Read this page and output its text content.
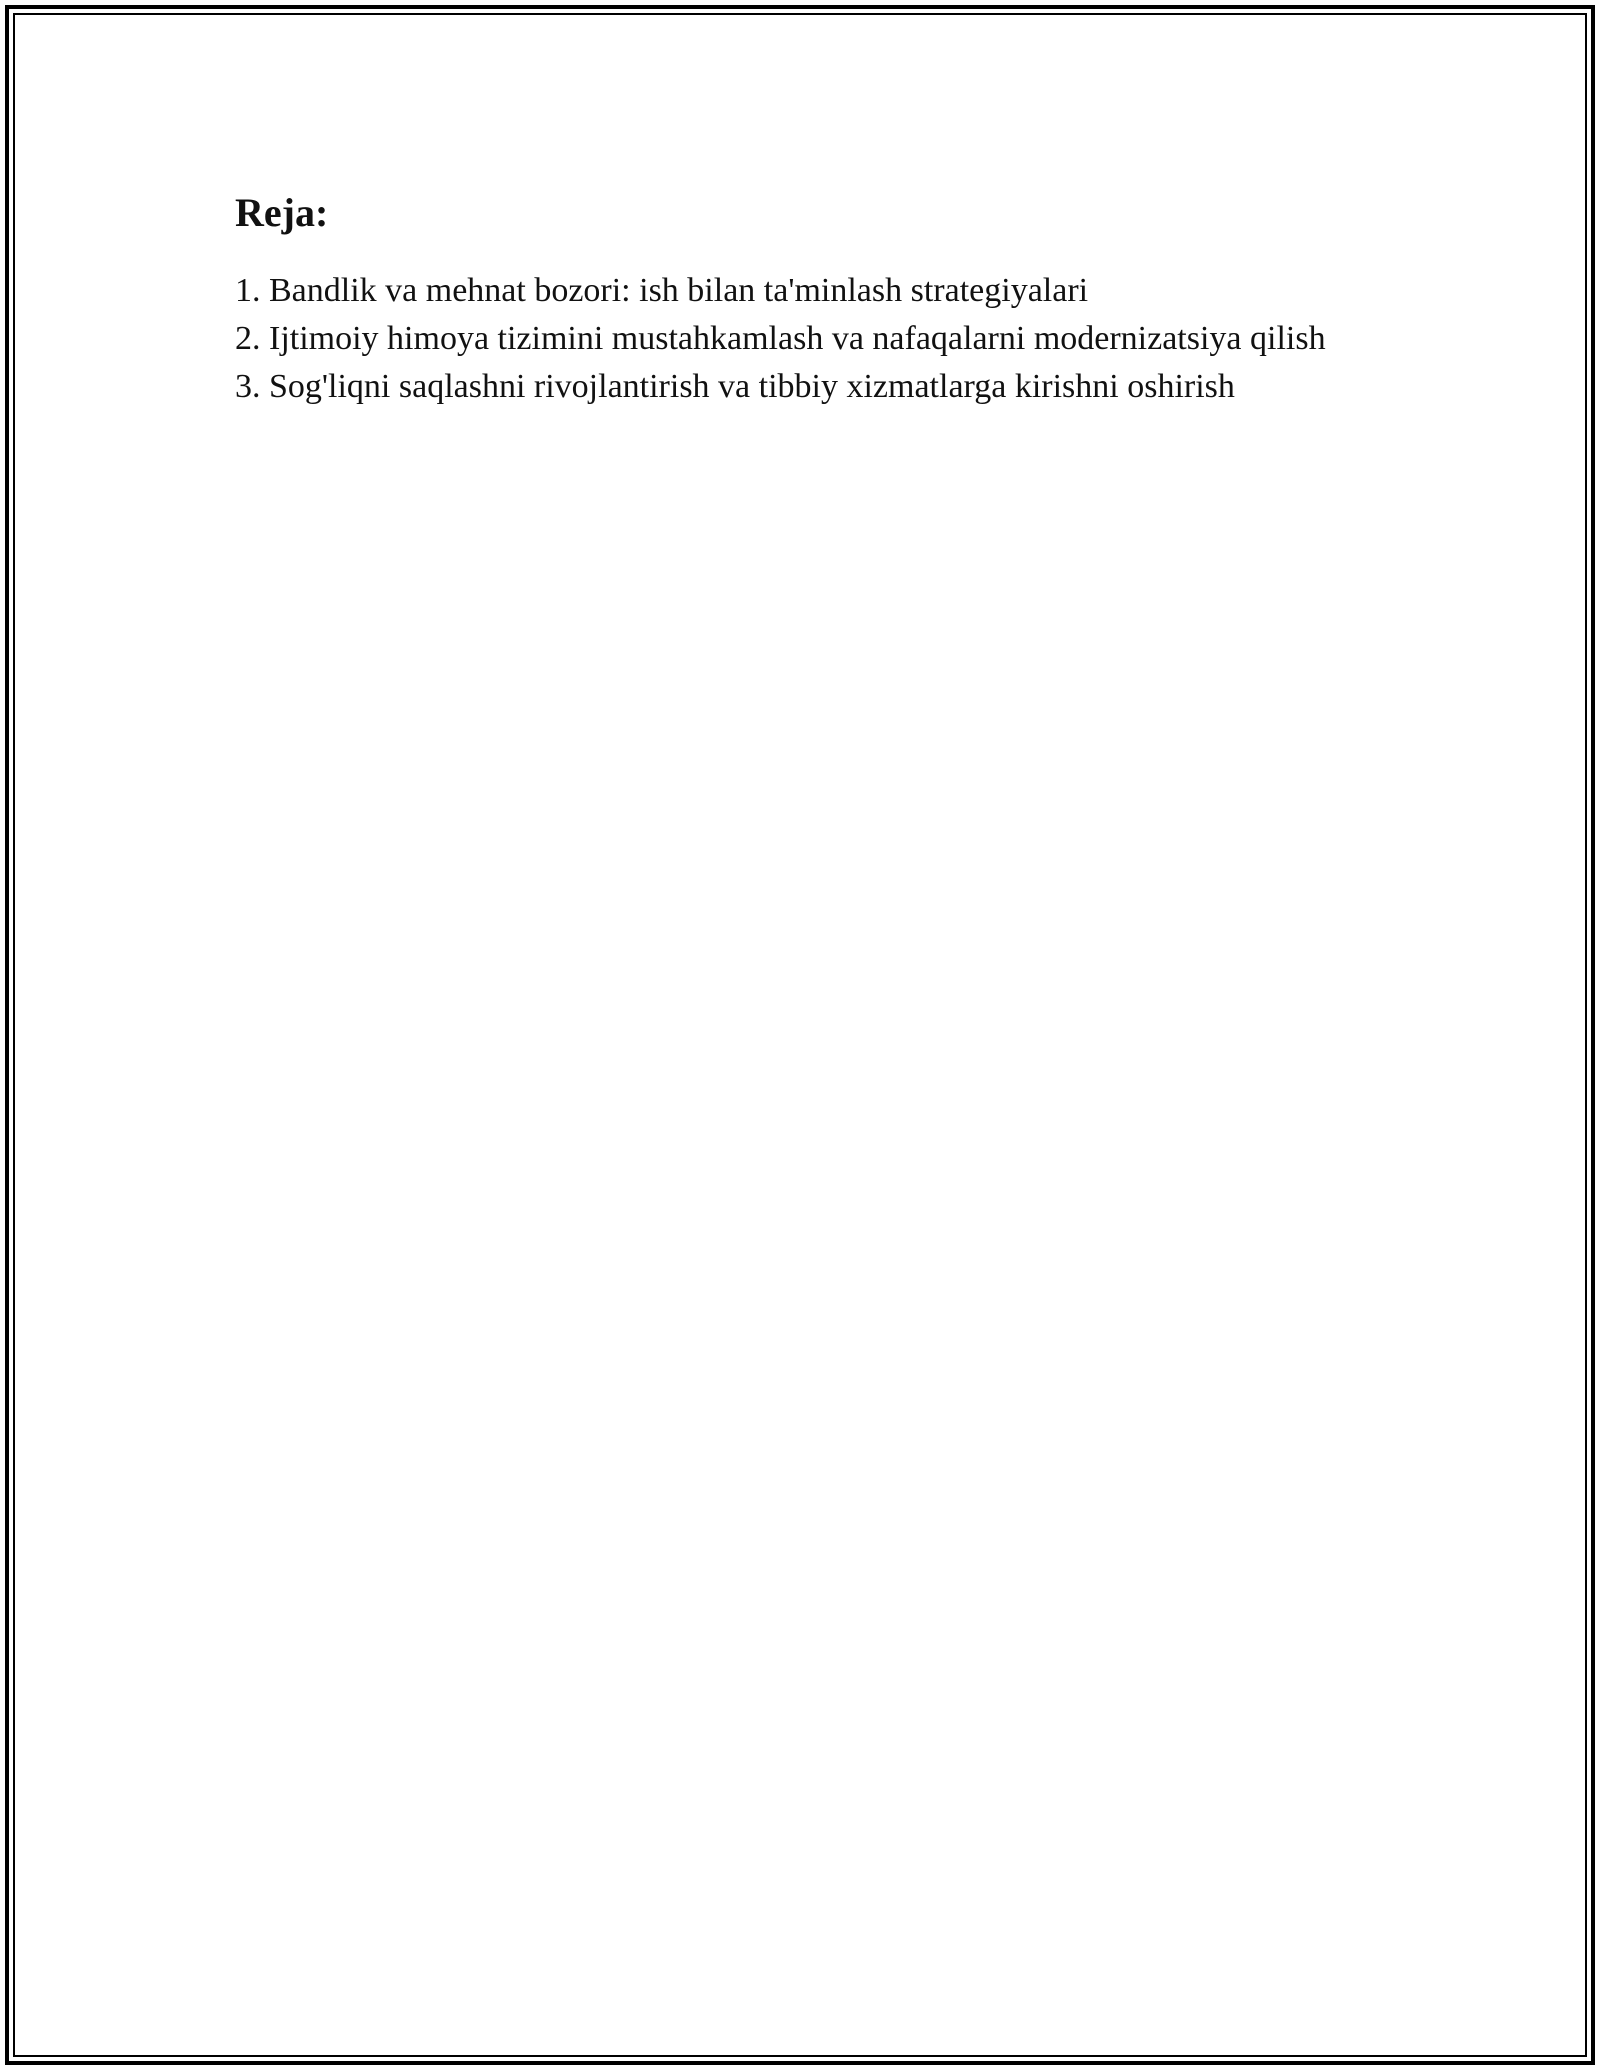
Reja:
1. Bandlik va mehnat bozori: ish bilan ta'minlash strategiyalari
2. Ijtimoiy himoya tizimini mustahkamlash va nafaqalarni modernizatsiya qilish
3. Sog'liqni saqlashni rivojlantirish va tibbiy xizmatlarga kirishni oshirish
